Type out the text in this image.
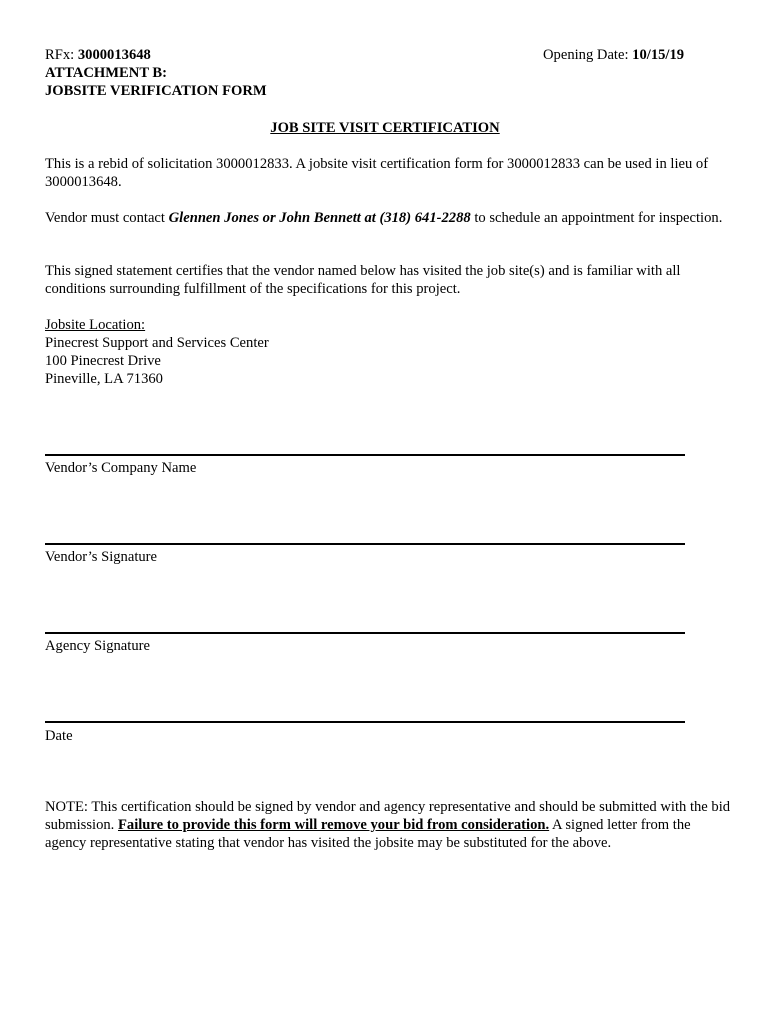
RFx: 3000013648
ATTACHMENT B:
JOBSITE VERIFICATION FORM
Opening Date: 10/15/19
JOB SITE VISIT CERTIFICATION
This is a rebid of solicitation 3000012833. A jobsite visit certification form for 3000012833 can be used in lieu of 3000013648.
Vendor must contact Glennen Jones or John Bennett at (318) 641-2288 to schedule an appointment for inspection.
This signed statement certifies that the vendor named below has visited the job site(s) and is familiar with all conditions surrounding fulfillment of the specifications for this project.
Jobsite Location:
Pinecrest Support and Services Center
100 Pinecrest Drive
Pineville, LA 71360
Vendor’s Company Name
Vendor’s Signature
Agency Signature
Date
NOTE: This certification should be signed by vendor and agency representative and should be submitted with the bid submission. Failure to provide this form will remove your bid from consideration. A signed letter from the agency representative stating that vendor has visited the jobsite may be substituted for the above.
